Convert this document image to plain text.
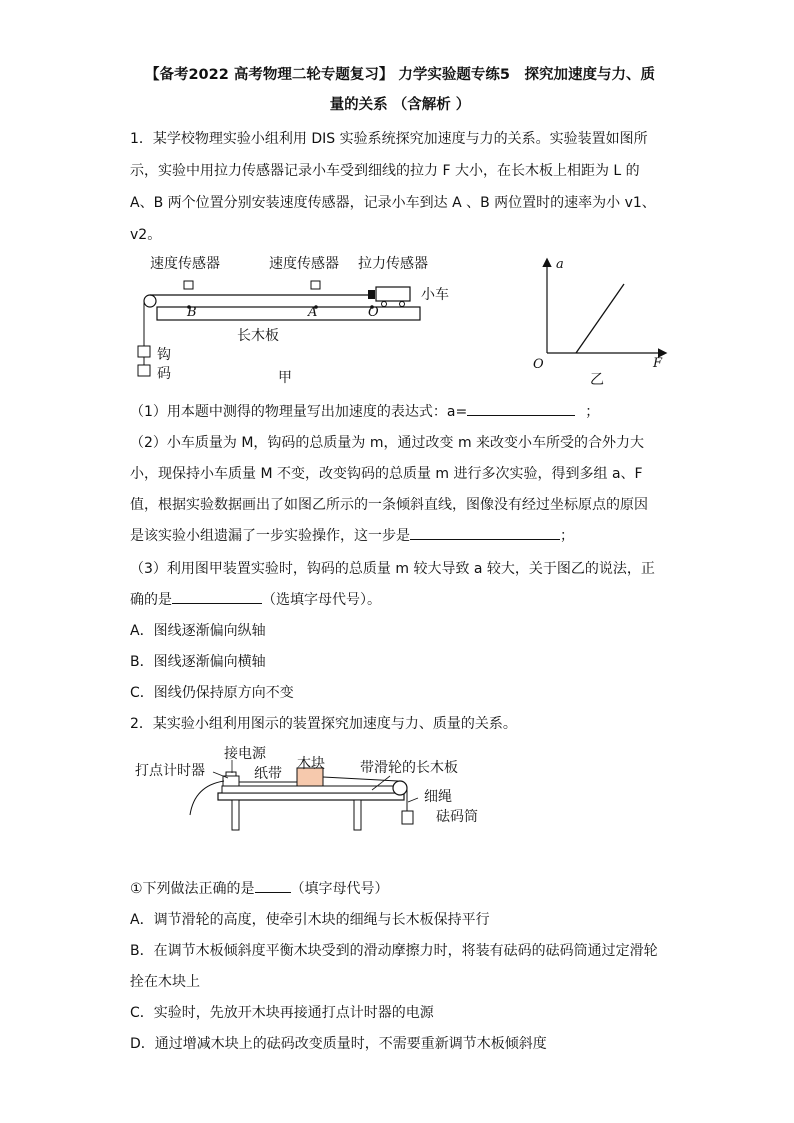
【备考2022 高考物理二轮专题复习】 力学实验题专练5　探究加速度与力、质
量的关系 （含解析 ）
1．某学校物理实验小组利用 DIS 实验系统探究加速度与力的关系。实验装置如图所
示，实验中用拉力传感器记录小车受到细线的拉力 F 大小，在长木板上相距为 L 的
A、B 两个位置分别安装速度传感器，记录小车到达 A 、B 两位置时的速率为小 v1、
v2。
速度传感器	速度传感器 拉力传感器
小车
B	A	O
长木板
钩
码	甲
a
F
O
乙
（1）用本题中测得的物理量写出加速度的表达式：a=	；
（2）小车质量为 M，钩码的总质量为 m，通过改变 m 来改变小车所受的合外力大
小，现保持小车质量 M 不变，改变钩码的总质量 m 进行多次实验，得到多组 a、F
值，根据实验数据画出了如图乙所示的一条倾斜直线，图像没有经过坐标原点的原因
是该实验小组遗漏了一步实验操作，这一步是	；
（3）利用图甲装置实验时，钩码的总质量 m 较大导致 a 较大，关于图乙的说法，正
确的是	（选填字母代号）。
A．图线逐渐偏向纵轴
B．图线逐渐偏向横轴
C．图线仍保持原方向不变
2．某实验小组利用图示的装置探究加速度与力、质量的关系。
打点计时器
接电源
纸带
木块	带滑轮的长木板
细绳
砝码筒
①下列做法正确的是	（填字母代号）
A．调节滑轮的高度，使牵引木块的细绳与长木板保持平行
B．在调节木板倾斜度平衡木块受到的滑动摩擦力时，将装有砝码的砝码筒通过定滑轮
拴在木块上
C．实验时，先放开木块再接通打点计时器的电源
D．通过增减木块上的砝码改变质量时，不需要重新调节木板倾斜度
